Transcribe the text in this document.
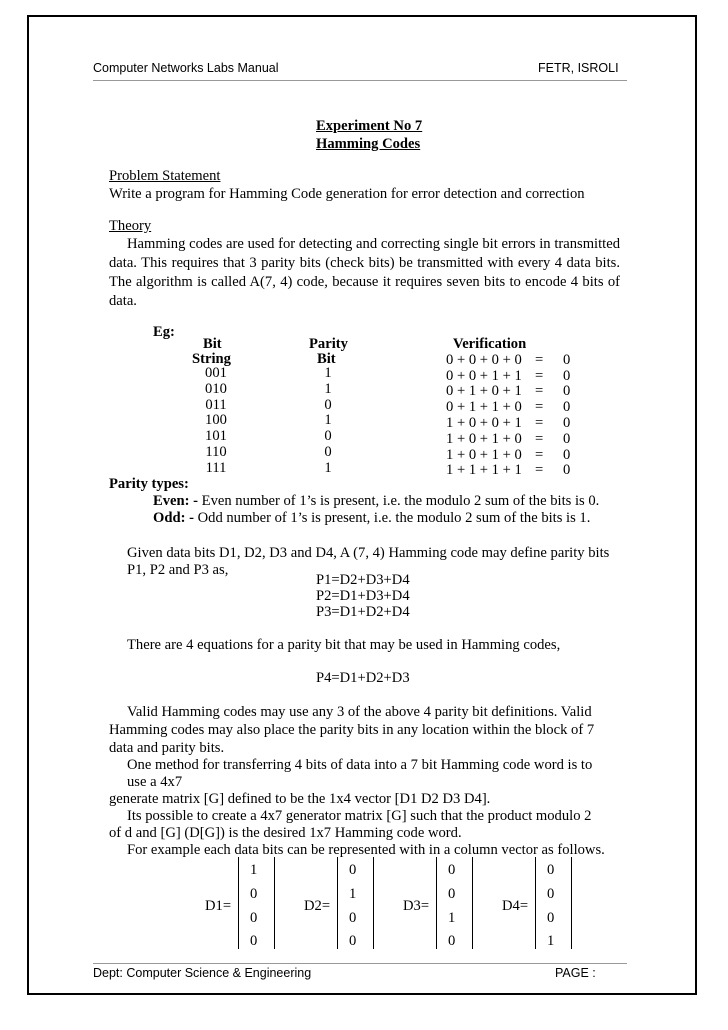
Computer Networks Labs Manual	FETR, ISROLI
Experiment No 7
Hamming Codes
Problem Statement
Write a program for Hamming Code generation for error detection and correction
Theory
Hamming codes are used for detecting and correcting single bit errors in transmitted data. This requires that 3 parity bits (check bits) be transmitted with every 4 data bits. The algorithm is called A(7, 4) code, because it requires seven bits to encode 4 bits of data.
Eg:
Bit
String
Parity
Bit
Verification
001
010
011
100
101
110
111
1
1
0
1
0
0
1
0 + 0 + 0 + 0 = 0
0 + 0 + 1 + 1 = 0
0 + 1 + 0 + 1 = 0
0 + 1 + 1 + 0 = 0
1 + 0 + 0 + 1 = 0
1 + 0 + 1 + 0 = 0
1 + 0 + 1 + 0 = 0
1 + 1 + 1 + 1 = 0
Parity types:
Even: - Even number of 1’s is present, i.e. the modulo 2 sum of the bits is 0.
Odd: - Odd number of 1’s is present, i.e. the modulo 2 sum of the bits is 1.
Given data bits D1, D2, D3 and D4, A (7, 4) Hamming code may define parity bits
P1, P2 and P3 as,
P1=D2+D3+D4
P2=D1+D3+D4
P3=D1+D2+D4
There are 4 equations for a parity bit that may be used in Hamming codes,
P4=D1+D2+D3
Valid Hamming codes may use any 3 of the above 4 parity bit definitions. Valid
Hamming codes may also place the parity bits in any location within the block of 7
data and parity bits.
One method for transferring 4 bits of data into a 7 bit Hamming code word is to
use a 4x7
generate matrix [G] defined to be the 1x4 vector [D1 D2 D3 D4].
Its possible to create a 4x7 generator matrix [G] such that the product modulo 2
of d and [G] (D[G]) is the desired 1x7 Hamming code word.
For example each data bits can be represented with in a column vector as follows.
D1=
1
0
0
0
D2=
0
1
0
0
D3=
0
0
1
0
D4=
0
0
0
1
Dept: Computer Science & Engineering	PAGE :
